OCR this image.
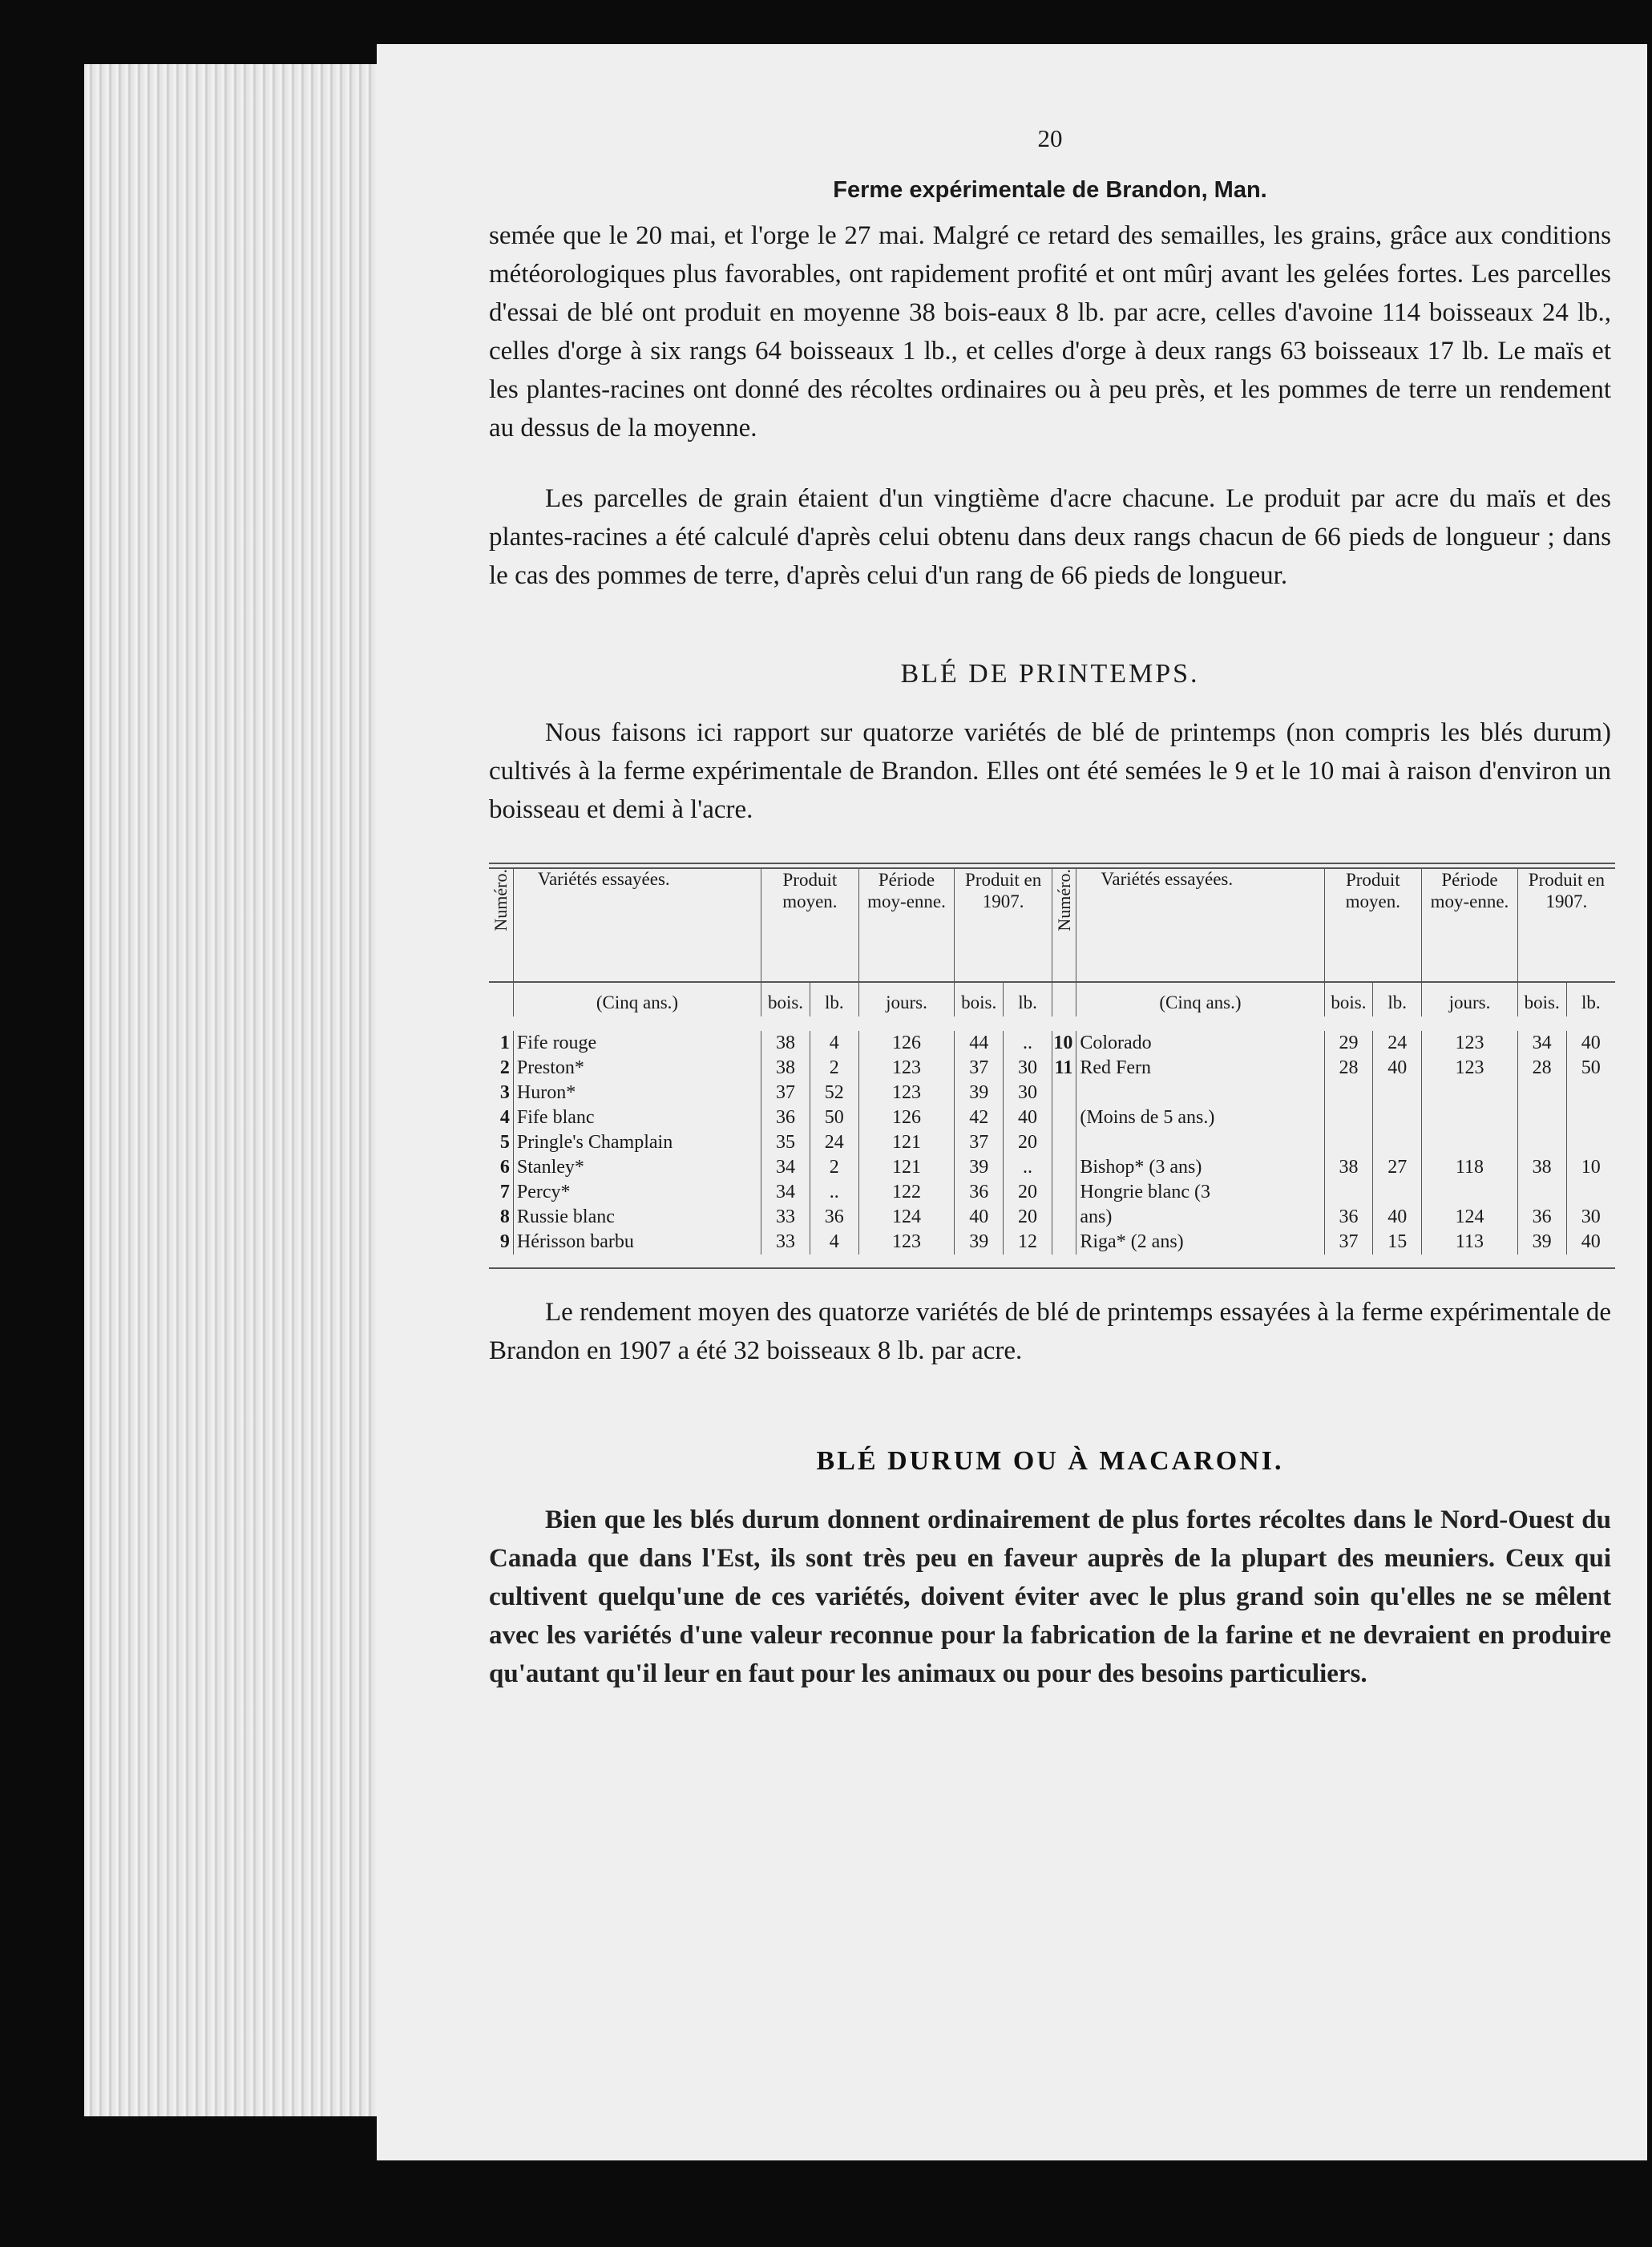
20
Ferme expérimentale de Brandon, Man.

semée que le 20 mai, et l'orge le 27 mai. Malgré ce retard des semailles, les grains, grâce aux conditions météorologiques plus favorables, ont rapidement profité et ont mûrj avant les gelées fortes. Les parcelles d'essai de blé ont produit en moyenne 38 bois-eaux 8 lb. par acre, celles d'avoine 114 boisseaux 24 lb., celles d'orge à six rangs 64 boisseaux 1 lb., et celles d'orge à deux rangs 63 boisseaux 17 lb. Le maïs et les plantes-racines ont donné des récoltes ordinaires ou à peu près, et les pommes de terre un rendement au dessus de la moyenne.

Les parcelles de grain étaient d'un vingtième d'acre chacune. Le produit par acre du maïs et des plantes-racines a été calculé d'après celui obtenu dans deux rangs chacun de 66 pieds de longueur ; dans le cas des pommes de terre, d'après celui d'un rang de 66 pieds de longueur.

BLÉ DE PRINTEMPS.

Nous faisons ici rapport sur quatorze variétés de blé de printemps (non compris les blés durum) cultivés à la ferme expérimentale de Brandon. Elles ont été semées le 9 et le 10 mai à raison d'environ un boisseau et demi à l'acre.

Numéro.	Variétés essayées.	Produit moyen.		Période moy-enne.	Produit en 1907.		Numéro.	Variétés essayées.	Produit moyen.		Période moy-enne.	Produit en 1907.	
	(Cinq ans.)	bois.	lb.	jours.	bois.	lb.		(Cinq ans.)	bois.	lb.	jours.	bois.	lb.

1	Fife rouge	38	4	126	44	..	10	Colorado	29	24	123	34	40
2	Preston*	38	2	123	37	30	11	Red Fern	28	40	123	28	50
3	Huron*	37	52	123	39	30							
4	Fife blanc	36	50	126	42	40		(Moins de 5 ans.)					
5	Pringle's Champlain	35	24	121	37	20							
6	Stanley*	34	2	121	39	..		Bishop* (3 ans)	38	27	118	38	10
7	Percy*	34	..	122	36	20		Hongrie blanc (3					
8	Russie blanc	33	36	124	40	20		ans)	36	40	124	36	30
9	Hérisson barbu	33	4	123	39	12		Riga* (2 ans)	37	15	113	39	40

Le rendement moyen des quatorze variétés de blé de printemps essayées à la ferme expérimentale de Brandon en 1907 a été 32 boisseaux 8 lb. par acre.

BLÉ DURUM OU À MACARONI.

Bien que les blés durum donnent ordinairement de plus fortes récoltes dans le Nord-Ouest du Canada que dans l'Est, ils sont très peu en faveur auprès de la plupart des meuniers. Ceux qui cultivent quelqu'une de ces variétés, doivent éviter avec le plus grand soin qu'elles ne se mêlent avec les variétés d'une valeur reconnue pour la fabrication de la farine et ne devraient en produire qu'autant qu'il leur en faut pour les animaux ou pour des besoins particuliers.
